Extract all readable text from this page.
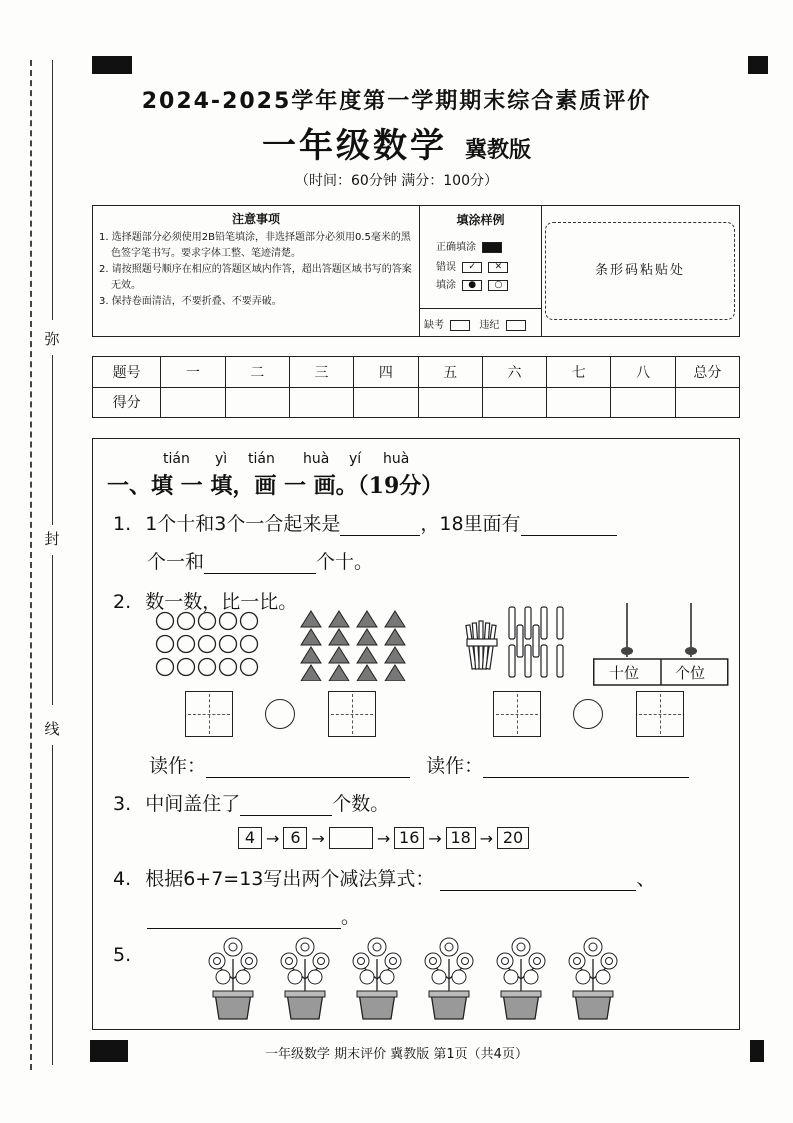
弥
封
线
2024-2025学年度第一学期期末综合素质评价
一年级数学 冀教版
（时间：60分钟 满分：100分）
注意事项
1. 选择题部分必须使用2B铅笔填涂，非选择题部分必须用0.5毫米的黑色签字笔书写。要求字体工整、笔迹清楚。
2. 请按照题号顺序在相应的答题区域内作答，超出答题区域书写的答案无效。
3. 保持卷面清洁，不要折叠、不要弄破。
填涂样例
正确填涂
错误 ✓ ✕
填涂 ● ○
缺考	违纪
条形码粘贴处
题号	一	二	三	四	五	六	七	八	总分
得分									
tián yì tián huà yí huà
一、填 一 填，画 一 画。（19分）
1. 1个十和3个一合起来是	，18里面有
个一和	个十。
2. 数一数，比一比。
十位 个位
读作：	读作：
3. 中间盖住了	个数。
4 → 6 →	→ 16 → 18 → 20
4. 根据6+7=13写出两个减法算式：	、
。
5.
一年级数学 期末评价 冀教版 第1页（共4页）
